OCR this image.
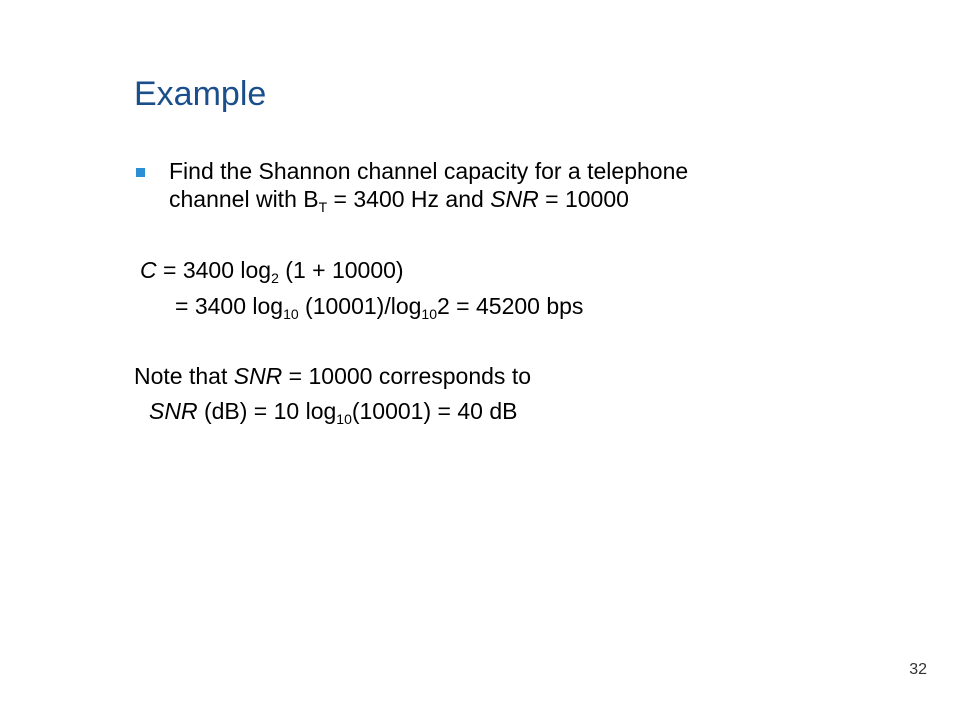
Example
Find the Shannon channel capacity for a telephone
channel with $B_T = 3400$ Hz and SNR = 10000
C = 3400 $\log_2 (1 + 10000)$
= 3400 $\log_{10} (10001)/\log_{10}2 = 45200$ bps
Note that SNR = 10000 corresponds to
SNR (dB) = 10 $\log_{10}(10001) = 40$ dB
32
